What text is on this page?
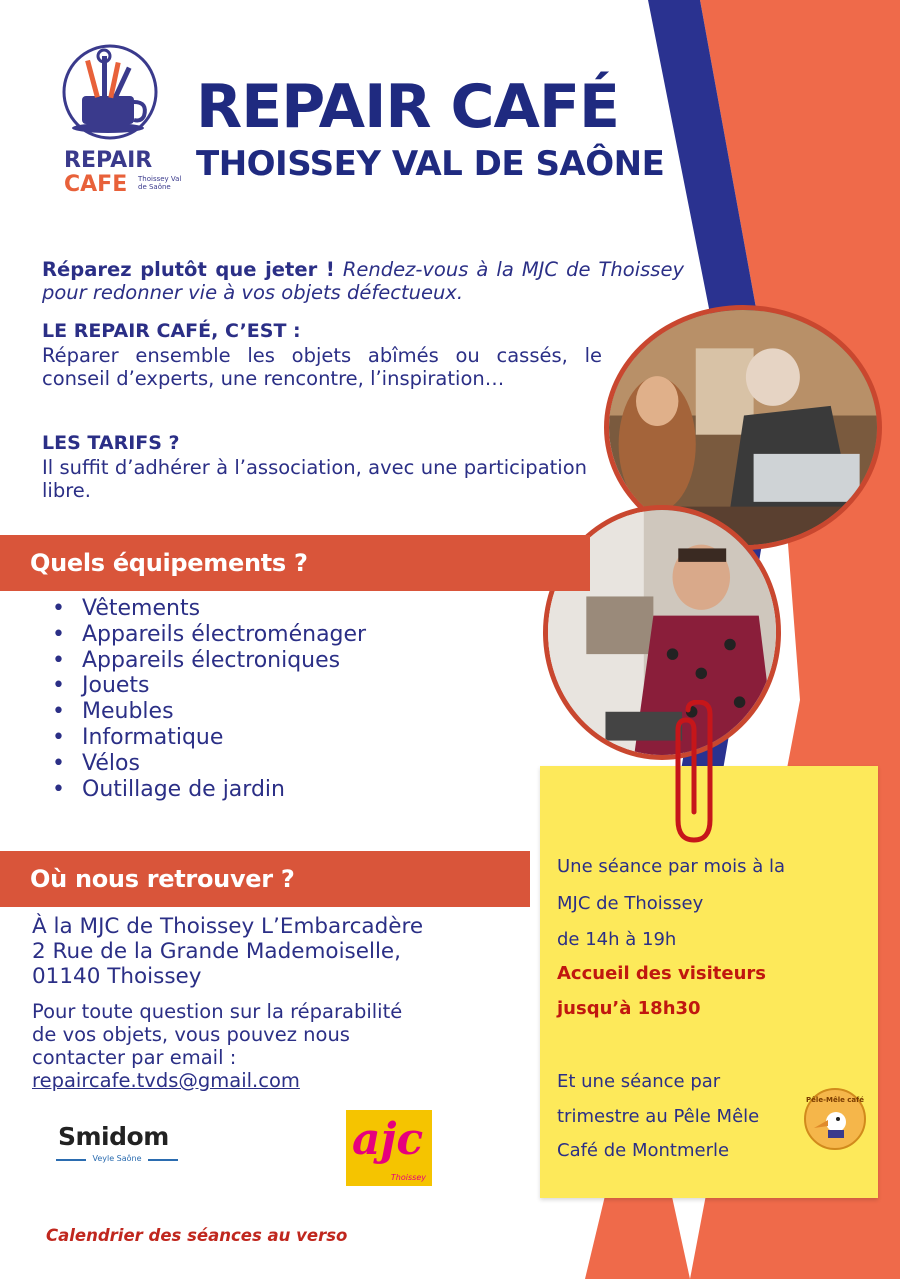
REPAIR
CAFE Thoissey Val de Saône
REPAIR CAFÉ
THOISSEY VAL DE SAÔNE

Réparez plutôt que jeter ! Rendez-vous à la MJC de Thoissey pour redonner vie à vos objets défectueux.

LE REPAIR CAFÉ, C’EST :

Réparer ensemble les objets abîmés ou cassés, le conseil d’experts, une rencontre, l’inspiration…

LES TARIFS ?

Il suffit d’adhérer à l’association, avec une participation libre.

Quels équipements ?
• Vêtements
• Appareils électroménager
• Appareils électroniques
• Jouets
• Meubles
• Informatique
• Vélos
• Outillage de jardin
Où nous retrouver ?
À la MJC de Thoissey L’Embarcadère
2 Rue de la Grande Mademoiselle,
01140 Thoissey
Pour toute question sur la réparabilité
de vos objets, vous pouvez nous
contacter par email :
repaircafe.tvds@gmail.com
Smidom
Veyle Saône	ajc
Thoissey
Calendrier des séances au verso
Une séance par mois à la
MJC de Thoissey
de 14h à 19h
Accueil des visiteurs
jusqu’à 18h30
Et une séance par
trimestre au Pêle Mêle
Café de Montmerle
Pêle-Mêle café
